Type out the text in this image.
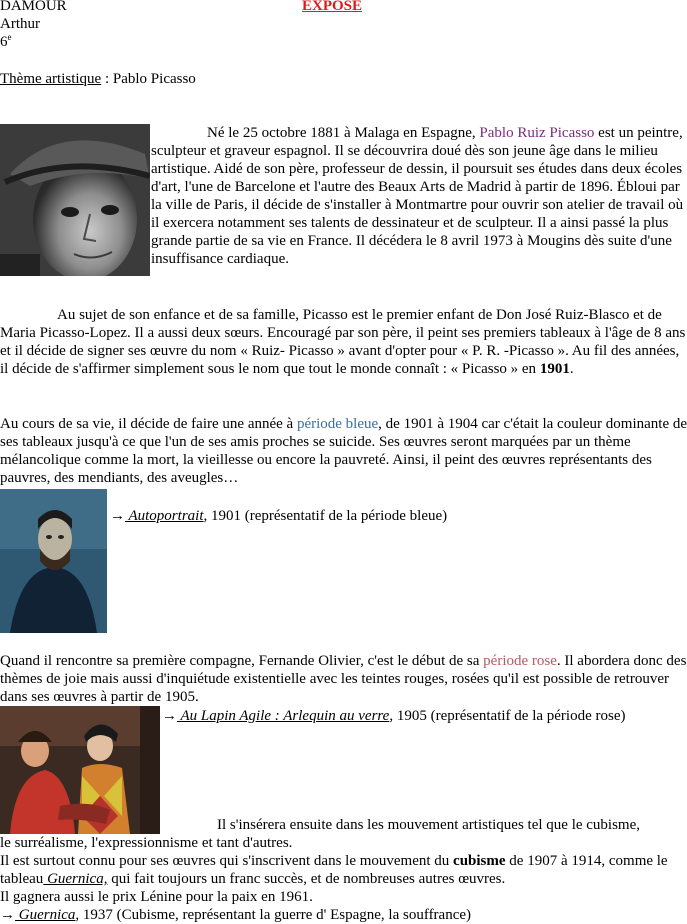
DAMOUR	EXPOSE
Arthur
6e
Thème artistique : Pablo Picasso
Né le 25 octobre 1881 à Malaga en Espagne, Pablo Ruiz Picasso est un peintre, sculpteur et graveur espagnol. Il se découvrira doué dès son jeune âge dans le milieu artistique. Aidé de son père, professeur de dessin, il poursuit ses études dans deux écoles d'art, l'une de Barcelone et l'autre des Beaux Arts de Madrid à partir de 1896. Ébloui par la ville de Paris, il décide de s'installer à Montmartre pour ouvrir son atelier de travail où il exercera notamment ses talents de dessinateur et de sculpteur. Il a ainsi passé la plus grande partie de sa vie en France. Il décédera le 8 avril 1973 à Mougins dès suite d'une insuffisance cardiaque.
Au sujet de son enfance et de sa famille, Picasso est le premier enfant de Don José Ruiz-Blasco et de Maria Picasso-Lopez. Il a aussi deux sœurs. Encouragé par son père, il peint ses premiers tableaux à l'âge de 8 ans et il décide de signer ses œuvre du nom « Ruiz- Picasso » avant d'opter pour « P. R. -Picasso ». Au fil des années, il décide de s'affirmer simplement sous le nom que tout le monde connaît : « Picasso » en 1901.
Au cours de sa vie, il décide de faire une année à période bleue, de 1901 à 1904 car c'était la couleur dominante de ses tableaux jusqu'à ce que l'un de ses amis proches se suicide. Ses œuvres seront marquées par un thème mélancolique comme la mort, la vieillesse ou encore la pauvreté. Ainsi, il peint des œuvres représentants des pauvres, des mendiants, des aveugles…
→ Autoportrait, 1901 (représentatif de la période bleue)
Quand il rencontre sa première compagne, Fernande Olivier, c'est le début de sa période rose. Il abordera donc des thèmes de joie mais aussi d'inquiétude existentielle avec les teintes rouges, rosées qu'il est possible de retrouver dans ses œuvres à partir de 1905.
→ Au Lapin Agile : Arlequin au verre, 1905 (représentatif de la période rose)
Il s'insérera ensuite dans les mouvement artistiques tel que le cubisme,
le surréalisme, l'expressionnisme et tant d'autres.
Il est surtout connu pour ses œuvres qui s'inscrivent dans le mouvement du cubisme de 1907 à 1914, comme le tableau Guernica, qui fait toujours un franc succès, et de nombreuses autres œuvres.
Il gagnera aussi le prix Lénine pour la paix en 1961.
→ Guernica, 1937 (Cubisme, représentant la guerre d' Espagne, la souffrance)
